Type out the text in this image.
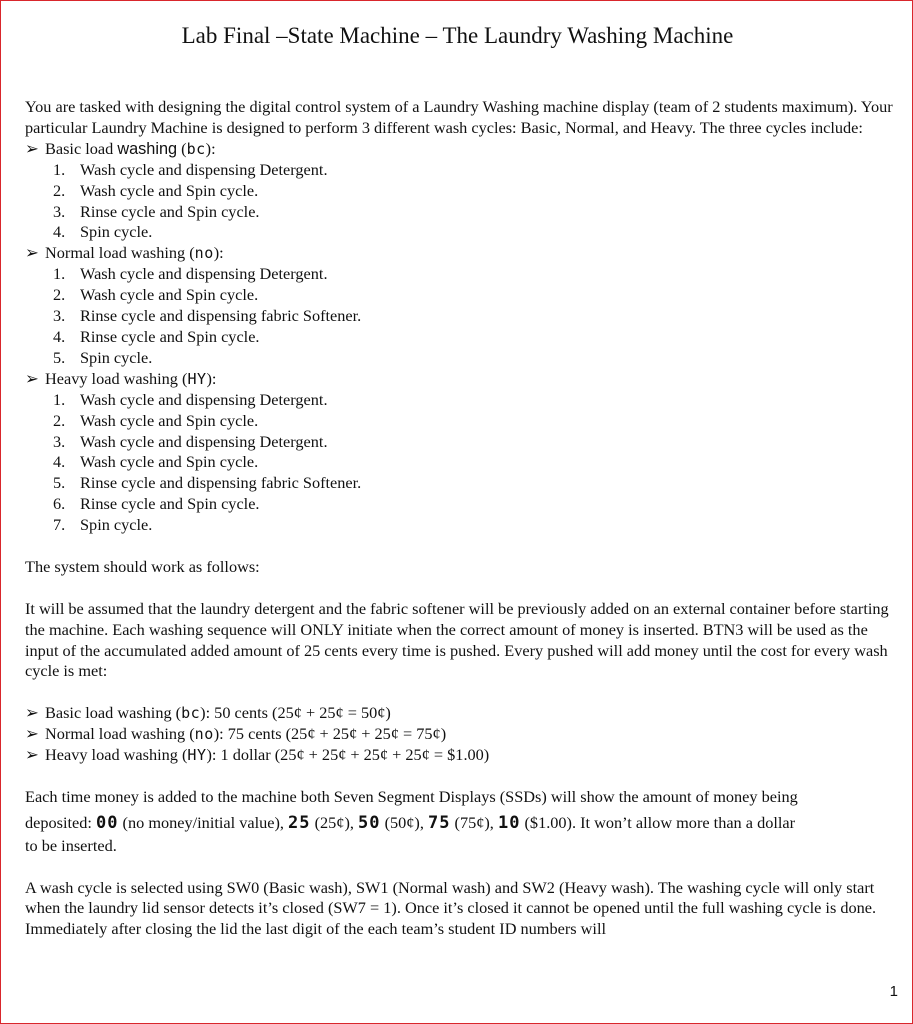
Lab Final –State Machine – The Laundry Washing Machine

You are tasked with designing the digital control system of a Laundry Washing machine display (team of 2 students maximum). Your particular Laundry Machine is designed to perform 3 different wash cycles: Basic, Normal, and Heavy. The three cycles include:

➢ Basic load washing (bc):
1. Wash cycle and dispensing Detergent.
2. Wash cycle and Spin cycle.
3. Rinse cycle and Spin cycle.
4. Spin cycle.
➢ Normal load washing (no):
1. Wash cycle and dispensing Detergent.
2. Wash cycle and Spin cycle.
3. Rinse cycle and dispensing fabric Softener.
4. Rinse cycle and Spin cycle.
5. Spin cycle.
➢ Heavy load washing (HY):
1. Wash cycle and dispensing Detergent.
2. Wash cycle and Spin cycle.
3. Wash cycle and dispensing Detergent.
4. Wash cycle and Spin cycle.
5. Rinse cycle and dispensing fabric Softener.
6. Rinse cycle and Spin cycle.
7. Spin cycle.

The system should work as follows:

It will be assumed that the laundry detergent and the fabric softener will be previously added on an external container before starting the machine. Each washing sequence will ONLY initiate when the correct amount of money is inserted. BTN3 will be used as the input of the accumulated added amount of 25 cents every time is pushed. Every pushed will add money until the cost for every wash cycle is met:

➢ Basic load washing (bc): 50 cents (25¢ + 25¢ = 50¢)
➢ Normal load washing (no): 75 cents (25¢ + 25¢ + 25¢ = 75¢)
➢ Heavy load washing (HY): 1 dollar (25¢ + 25¢ + 25¢ + 25¢ = $1.00)
Each time money is added to the machine both Seven Segment Displays (SSDs) will show the amount of money being
deposited: 00 (no money/initial value), 25 (25¢), 50 (50¢), 75 (75¢), 10 ($1.00). It won’t allow more than a dollar
to be inserted.

A wash cycle is selected using SW0 (Basic wash), SW1 (Normal wash) and SW2 (Heavy wash). The washing cycle will only start when the laundry lid sensor detects it’s closed (SW7 = 1). Once it’s closed it cannot be opened until the full washing cycle is done. Immediately after closing the lid the last digit of the each team’s student ID numbers will

1
